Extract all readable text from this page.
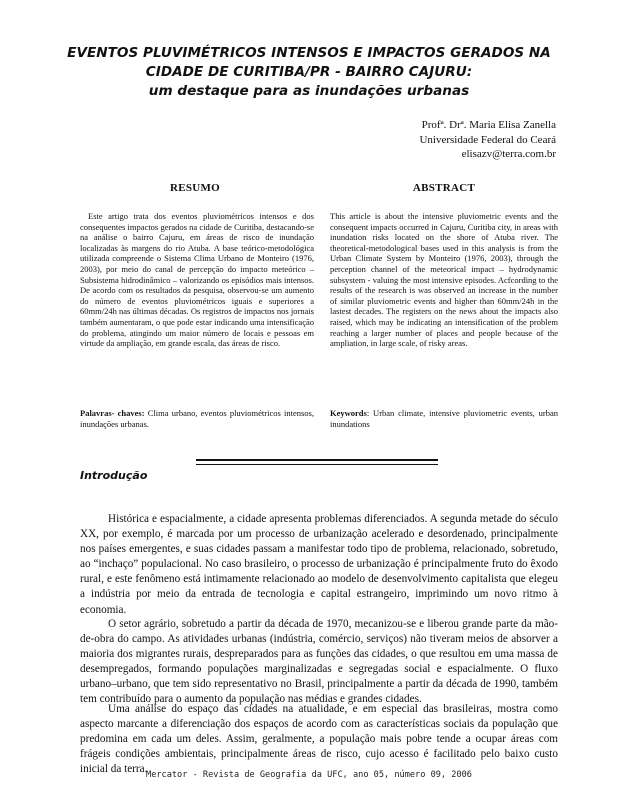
EVENTOS PLUVIMÉTRICOS INTENSOS E IMPACTOS GERADOS NA
CIDADE DE CURITIBA/PR - BAIRRO CAJURU:
um destaque para as inundações urbanas
Profª. Drª. Maria Elisa Zanella
Universidade Federal do Ceará
elisazv@terra.com.br
RESUMO	ABSTRACT
Este artigo trata dos eventos pluviométricos intensos e dos consequentes impactos gerados na cidade de Curitiba, destacando-se na análise o bairro Cajuru, em áreas de risco de inundação localizadas às margens do rio Atuba. A base teórico-metodológica utilizada compreende o Sistema Clima Urbano de Monteiro (1976, 2003), por meio do canal de percepção do impacto meteórico – Subsistema hidrodinâmico – valorizando os episódios mais intensos. De acordo com os resultados da pesquisa, observou-se um aumento do número de eventos pluviométricos iguais e superiores a 60mm/24h nas últimas décadas. Os registros de impactos nos jornais também aumentaram, o que pode estar indicando uma intensificação do problema, atingindo um maior número de locais e pessoas em virtude da ampliação, em grande escala, das áreas de risco.
Palavras- chaves: Clima urbano, eventos pluviométricos intensos, inundações urbanas.
This article is about the intensive pluviometric events and the consequent impacts occurred in Cajuru, Curitiba city, in areas with inundation risks located on the shore of Atuba river. The theoretical-metodological bases used in this analysis is from the Urban Climate System by Monteiro (1976, 2003), through the perception channel of the meteorical impact – hydrodynamic subsystem - valuing the most intensive episodes. Acfcording to the results of the research is was observed an increase in the number of similar pluviometric events and higher than 60mm/24h in the lastest decades. The registers on the news about the impacts also raised, which may be indicating an intensification of the problem reaching a larger number of places and people because of the ampliation, in large scale, of risky areas.
Keywords: Urban climate, intensive pluviometric events, urban inundations
Introdução

Histórica e espacialmente, a cidade apresenta problemas diferenciados. A segunda metade do século XX, por exemplo, é marcada por um processo de urbanização acelerado e desordenado, principalmente nos países emergentes, e suas cidades passam a manifestar todo tipo de problema, relacionado, sobretudo, ao “inchaço” populacional. No caso brasileiro, o processo de urbanização é principalmente fruto do êxodo rural, e este fenômeno está intimamente relacionado ao modelo de desenvolvimento capitalista que elegeu a indústria por meio da entrada de tecnologia e capital estrangeiro, imprimindo um novo ritmo à economia.

O setor agrário, sobretudo a partir da década de 1970, mecanizou-se e liberou grande parte da mão-de-obra do campo. As atividades urbanas (indústria, comércio, serviços) não tiveram meios de absorver a maioria dos migrantes rurais, despreparados para as funções das cidades, o que resultou em uma massa de desempregados, formando populações marginalizadas e segregadas social e espacialmente. O fluxo urbano–urbano, que tem sido representativo no Brasil, principalmente a partir da década de 1990, também tem contribuído para o aumento da população nas médias e grandes cidades.

Uma análise do espaço das cidades na atualidade, e em especial das brasileiras, mostra como aspecto marcante a diferenciação dos espaços de acordo com as características sociais da população que predomina em cada um deles. Assim, geralmente, a população mais pobre tende a ocupar áreas com frágeis condições ambientais, principalmente áreas de risco, cujo acesso é facilitado pelo baixo custo inicial da terra.

Mercator - Revista de Geografia da UFC, ano 05, número 09, 2006
